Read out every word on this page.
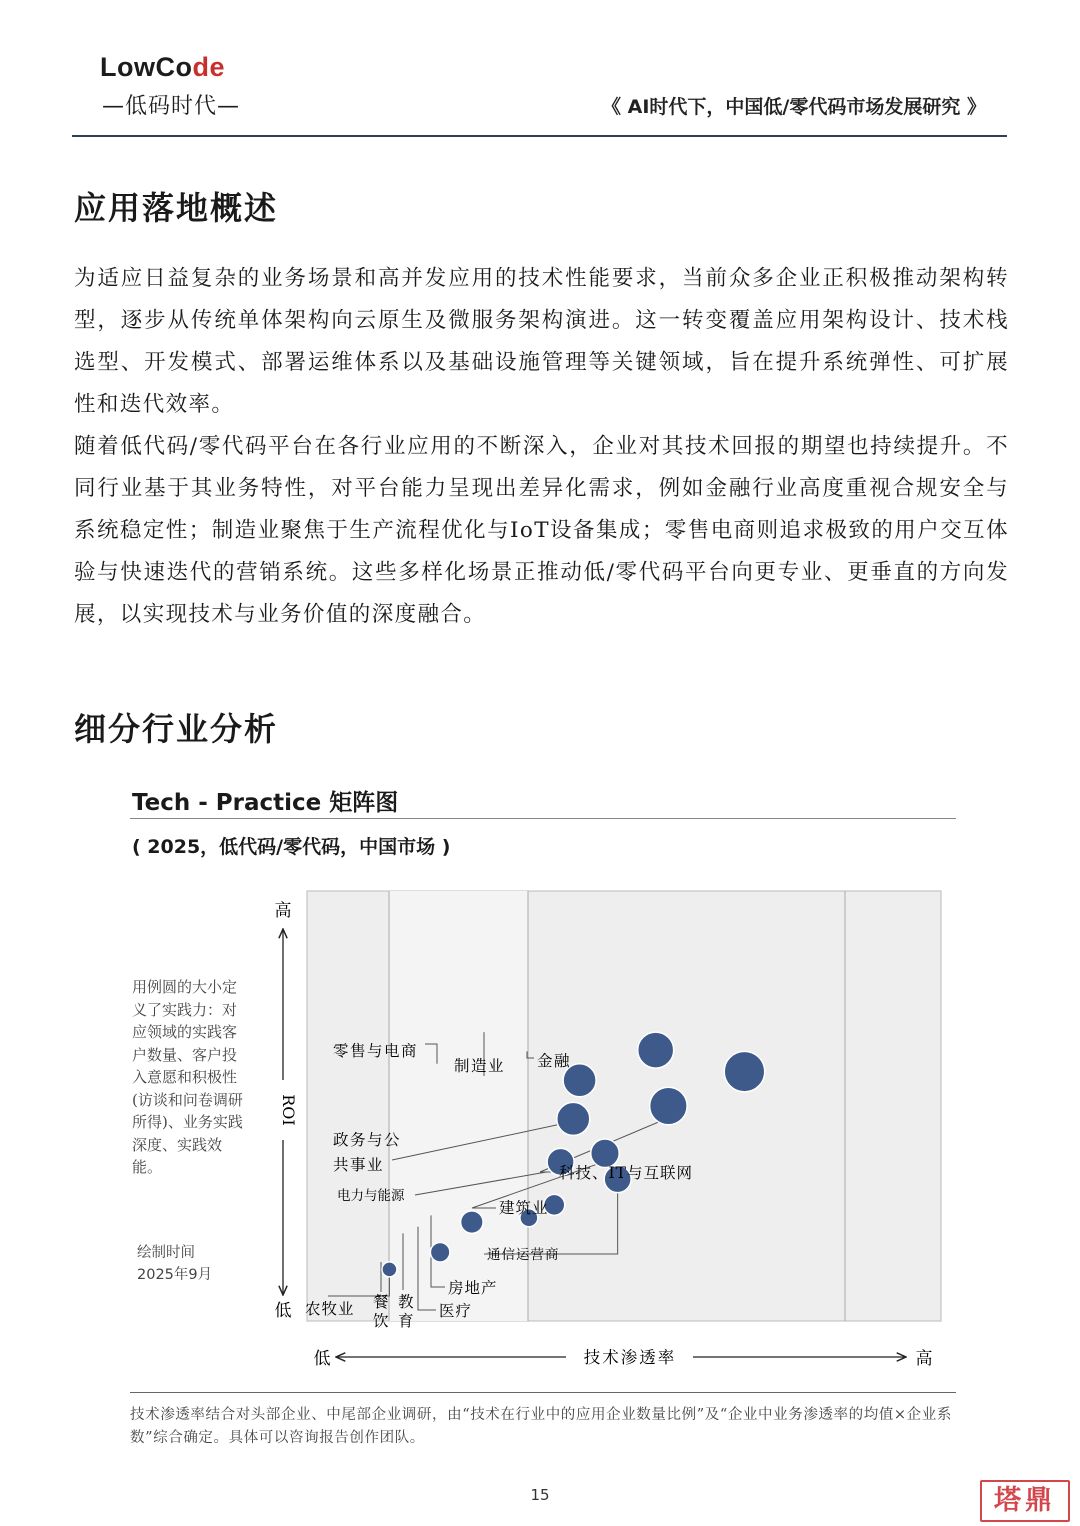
LowCode
—低码时代—	《 AI时代下，中国低/零代码市场发展研究 》
应用落地概述

为适应日益复杂的业务场景和高并发应用的技术性能要求，当前众多企业正积极推动架构转型，逐步从传统单体架构向云原生及微服务架构演进。这一转变覆盖应用架构设计、技术栈选型、开发模式、部署运维体系以及基础设施管理等关键领域，旨在提升系统弹性、可扩展性和迭代效率。

随着低代码/零代码平台在各行业应用的不断深入，企业对其技术回报的期望也持续提升。不同行业基于其业务特性，对平台能力呈现出差异化需求，例如金融行业高度重视合规安全与系统稳定性；制造业聚焦于生产流程优化与IoT设备集成；零售电商则追求极致的用户交互体验与快速迭代的营销系统。这些多样化场景正推动低/零代码平台向更专业、更垂直的方向发展，以实现技术与业务价值的深度融合。

细分行业分析
Tech - Practice 矩阵图
( 2025，低代码/零代码，中国市场 )

用例圆的大小定义了实践力：对应领域的实践客户数量、客户投入意愿和积极性(访谈和问卷调研所得)、业务实践深度、实践效能。

绘制时间
2025年9月
高
ROI
低
低	技术渗透率	高
零售与电商
制造业 金融
政务与公
共事业	科技、IT与互联网
电力与能源
建筑业
通信运营商
房地产
农牧业 餐
饮
教
育
医疗

技术渗透率结合对头部企业、中尾部企业调研，由“技术在行业中的应用企业数量比例”及“企业中业务渗透率的均值×企业系数”综合确定。具体可以咨询报告创作团队。

15	塔鼎
